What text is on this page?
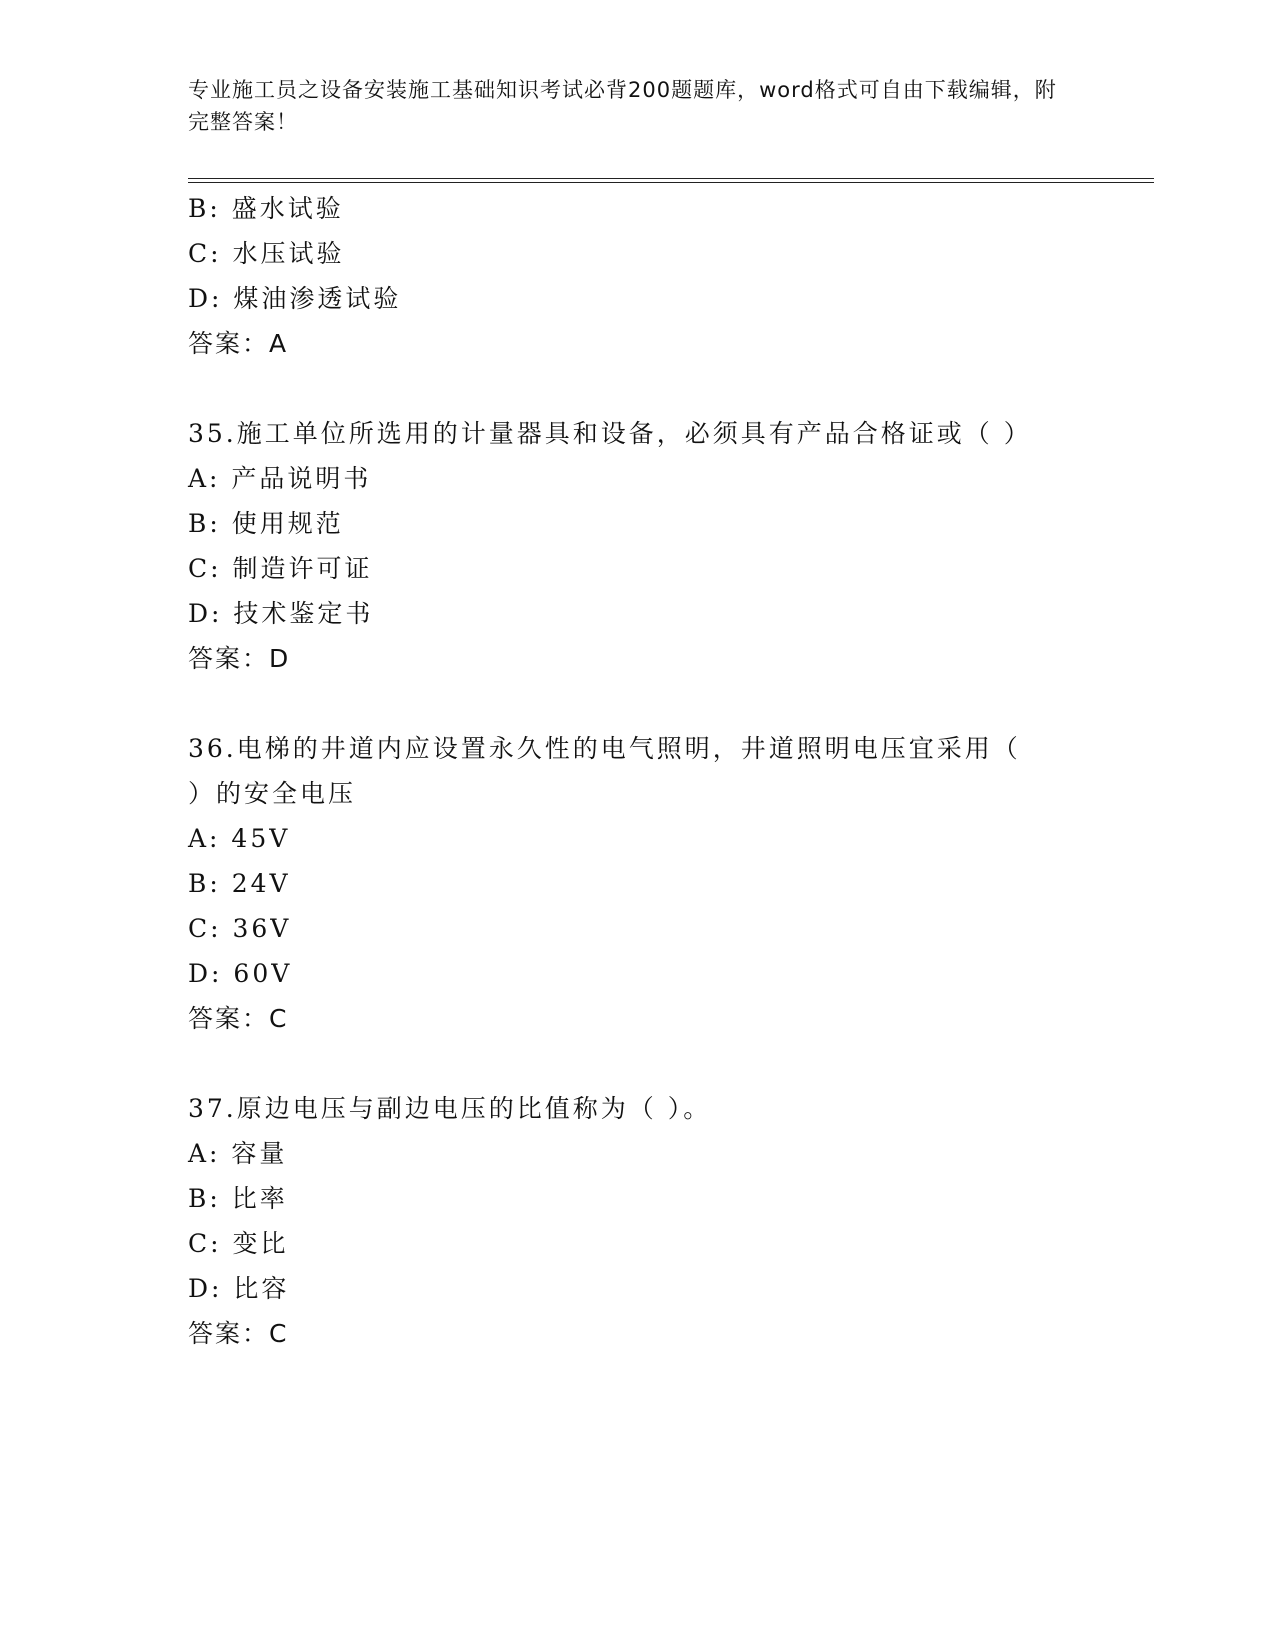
专业施工员之设备安装施工基础知识考试必背200题题库，word格式可自由下载编辑，附完整答案！
B: 盛水试验
C: 水压试验
D: 煤油渗透试验
答案：A
35.施工单位所选用的计量器具和设备，必须具有产品合格证或（ ）
A: 产品说明书
B: 使用规范
C: 制造许可证
D: 技术鉴定书
答案：D
36.电梯的井道内应设置永久性的电气照明，井道照明电压宜采用（
）的安全电压
A: 45V
B: 24V
C: 36V
D: 60V
答案：C
37.原边电压与副边电压的比值称为（ ）。
A: 容量
B: 比率
C: 变比
D: 比容
答案：C
